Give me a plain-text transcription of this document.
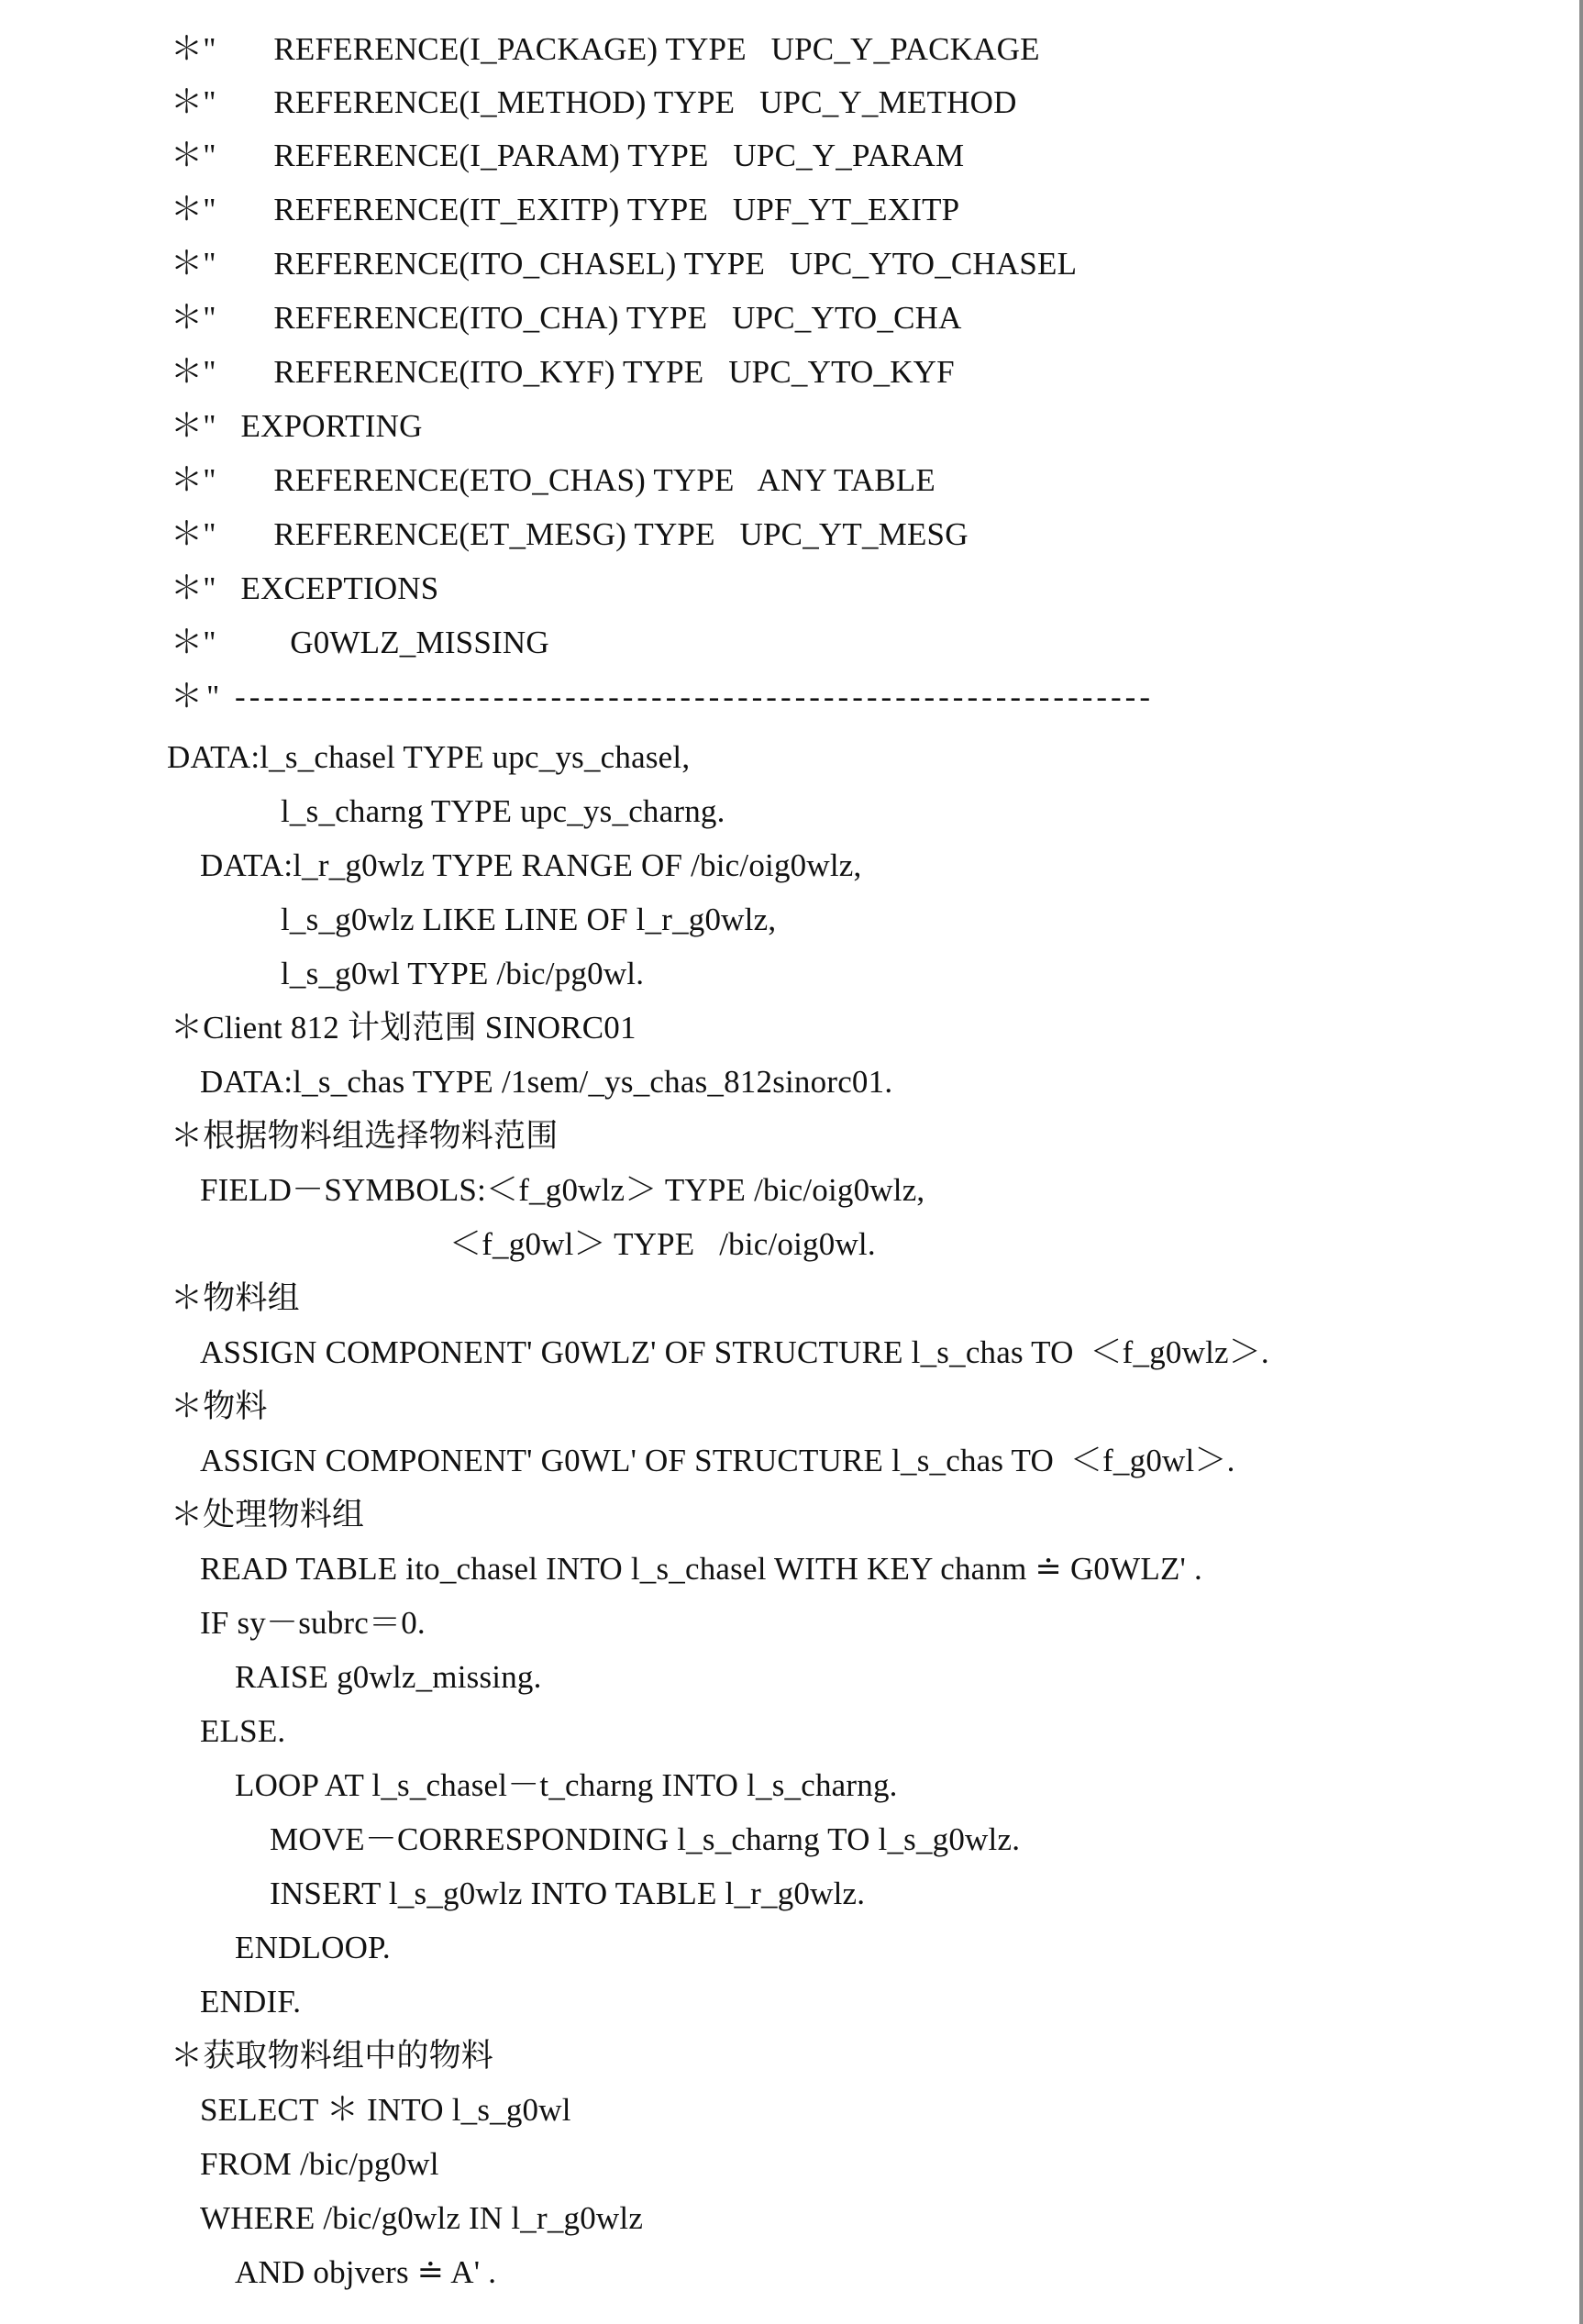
＊"       REFERENCE(I_PACKAGE) TYPE   UPC_Y_PACKAGE
＊"       REFERENCE(I_METHOD) TYPE   UPC_Y_METHOD
＊"       REFERENCE(I_PARAM) TYPE   UPC_Y_PARAM
＊"       REFERENCE(IT_EXITP) TYPE   UPF_YT_EXITP
＊"       REFERENCE(ITO_CHASEL) TYPE   UPC_YTO_CHASEL
＊"       REFERENCE(ITO_CHA) TYPE   UPC_YTO_CHA
＊"       REFERENCE(ITO_KYF) TYPE   UPC_YTO_KYF
＊"   EXPORTING
＊"       REFERENCE(ETO_CHAS) TYPE   ANY TABLE
＊"       REFERENCE(ET_MESG) TYPE   UPC_YT_MESG
＊"   EXCEPTIONS
＊"         G0WLZ_MISSING
＊" ----------------------------------------------------------------
DATA:l_s_chasel TYPE upc_ys_chasel,
l_s_charng TYPE upc_ys_charng.
DATA:l_r_g0wlz TYPE RANGE OF /bic/oig0wlz,
l_s_g0wlz LIKE LINE OF l_r_g0wlz,
l_s_g0wl TYPE /bic/pg0wl.
＊Client 812 计划范围 SINORC01
DATA:l_s_chas TYPE /1sem/_ys_chas_812sinorc01.
＊根据物料组选择物料范围
FIELD－SYMBOLS:＜f_g0wlz＞ TYPE /bic/oig0wlz,
＜f_g0wl＞ TYPE   /bic/oig0wl.
＊物料组
ASSIGN COMPONENT' G0WLZ' OF STRUCTURE l_s_chas TO  ＜f_g0wlz＞.
＊物料
ASSIGN COMPONENT' G0WL' OF STRUCTURE l_s_chas TO  ＜f_g0wl＞.
＊处理物料组
READ TABLE ito_chasel INTO l_s_chasel WITH KEY chanm ≐ G0WLZ' .
IF sy－subrc＝0.
RAISE g0wlz_missing.
ELSE.
LOOP AT l_s_chasel－t_charng INTO l_s_charng.
MOVE－CORRESPONDING l_s_charng TO l_s_g0wlz.
INSERT l_s_g0wlz INTO TABLE l_r_g0wlz.
ENDLOOP.
ENDIF.
＊获取物料组中的物料
SELECT ＊ INTO l_s_g0wl
FROM /bic/pg0wl
WHERE /bic/g0wlz IN l_r_g0wlz
AND objvers ≐ A' .
